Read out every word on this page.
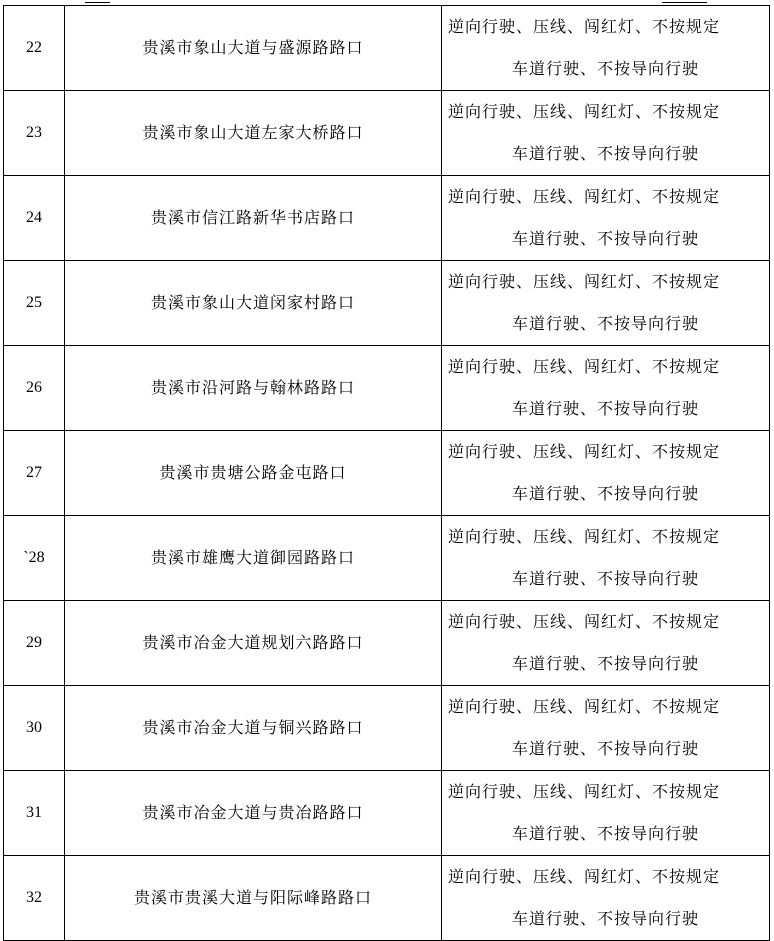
22	贵溪市象山大道与盛源路路口	逆向行驶、压线、闯红灯、不按规定
车道行驶、不按导向行驶

23	贵溪市象山大道左家大桥路口	逆向行驶、压线、闯红灯、不按规定
车道行驶、不按导向行驶

24	贵溪市信江路新华书店路口	逆向行驶、压线、闯红灯、不按规定
车道行驶、不按导向行驶

25	贵溪市象山大道闵家村路口	逆向行驶、压线、闯红灯、不按规定
车道行驶、不按导向行驶

26	贵溪市沿河路与翰林路路口	逆向行驶、压线、闯红灯、不按规定
车道行驶、不按导向行驶

27	贵溪市贵塘公路金屯路口	逆向行驶、压线、闯红灯、不按规定
车道行驶、不按导向行驶

`28	贵溪市雄鹰大道御园路路口	逆向行驶、压线、闯红灯、不按规定
车道行驶、不按导向行驶

29	贵溪市冶金大道规划六路路口	逆向行驶、压线、闯红灯、不按规定
车道行驶、不按导向行驶

30	贵溪市冶金大道与铜兴路路口	逆向行驶、压线、闯红灯、不按规定
车道行驶、不按导向行驶

31	贵溪市冶金大道与贵冶路路口	逆向行驶、压线、闯红灯、不按规定
车道行驶、不按导向行驶

32	贵溪市贵溪大道与阳际峰路路口	逆向行驶、压线、闯红灯、不按规定
车道行驶、不按导向行驶
